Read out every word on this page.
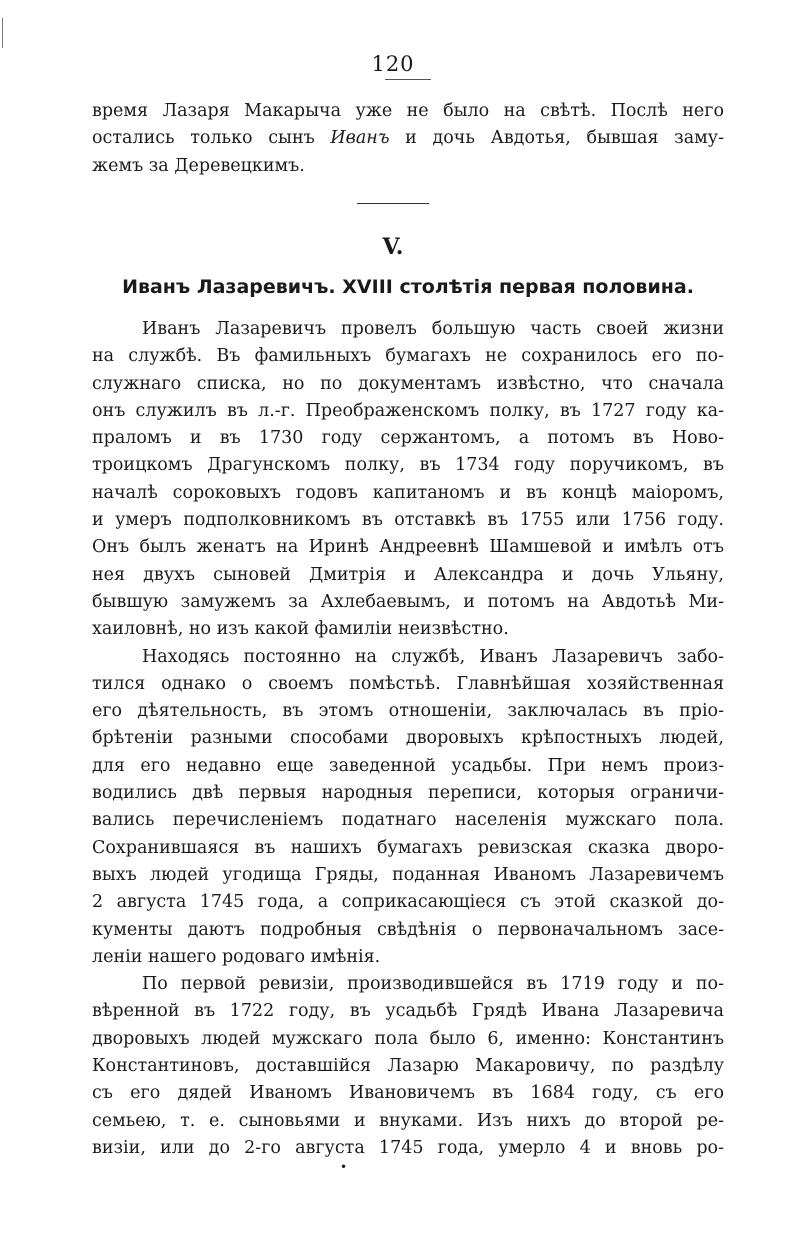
120
время Лазаря Макарыча уже не было на свѣтѣ. Послѣ него
остались только сынъ Иванъ и дочь Авдотья, бывшая заму-
жемъ за Деревецкимъ.
V.
Иванъ Лазаревичъ. XVIII столѣтія первая половина.
Иванъ Лазаревичъ провелъ большую часть своей жизни
на службѣ. Въ фамильныхъ бумагахъ не сохранилось его по-
служнаго списка, но по документамъ извѣстно, что сначала
онъ служилъ въ л.-г. Преображенскомъ полку, въ 1727 году ка-
праломъ и въ 1730 году сержантомъ, а потомъ въ Ново-
троицкомъ Драгунскомъ полку, въ 1734 году поручикомъ, въ
началѣ сороковыхъ годовъ капитаномъ и въ концѣ маіоромъ,
и умеръ подполковникомъ въ отставкѣ въ 1755 или 1756 году.
Онъ былъ женатъ на Иринѣ Андреевнѣ Шамшевой и имѣлъ отъ
нея двухъ сыновей Дмитрія и Александра и дочь Ульяну,
бывшую замужемъ за Ахлебаевымъ, и потомъ на Авдотьѣ Ми-
хаиловнѣ, но изъ какой фамиліи неизвѣстно.
Находясь постоянно на службѣ, Иванъ Лазаревичъ забо-
тился однако о своемъ помѣстьѣ. Главнѣйшая хозяйственная
его дѣятельность, въ этомъ отношеніи, заключалась въ пріо-
брѣтеніи разными способами дворовыхъ крѣпостныхъ людей,
для его недавно еще заведенной усадьбы. При немъ произ-
водились двѣ первыя народныя переписи, которыя ограничи-
вались перечисленіемъ податнаго населенія мужскаго пола.
Сохранившаяся въ нашихъ бумагахъ ревизская сказка дворо-
выхъ людей угодища Гряды, поданная Иваномъ Лазаревичемъ
2 августа 1745 года, а соприкасающіеся съ этой сказкой до-
кументы даютъ подробныя свѣдѣнія о первоначальномъ засе-
леніи нашего родоваго имѣнія.
По первой ревизіи, производившейся въ 1719 году и по-
вѣренной въ 1722 году, въ усадьбѣ Грядѣ Ивана Лазаревича
дворовыхъ людей мужскаго пола было 6, именно: Константинъ
Константиновъ, доставшійся Лазарю Макаровичу, по раздѣлу
съ его дядей Иваномъ Ивановичемъ въ 1684 году, съ его
семьею, т. е. сыновьями и внуками. Изъ нихъ до второй ре-
визіи, или до 2-го августа 1745 года, умерло 4 и вновь ро-
•
